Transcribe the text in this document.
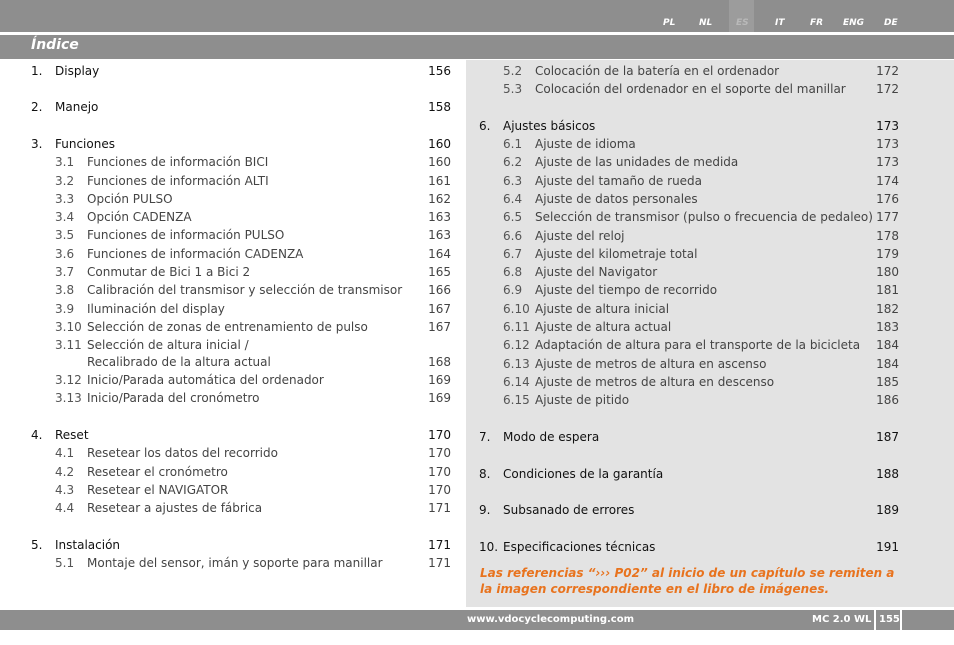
PL	NL	ES	IT	FR ENG DE
Índice
1. Display	156
2. Manejo	158
3. Funciones	160
3.1 Funciones de información BICI	160
3.2 Funciones de información ALTI	161
3.3 Opción PULSO	162
3.4 Opción CADENZA	163
3.5 Funciones de información PULSO	163
3.6 Funciones de información CADENZA	164
3.7 Conmutar de Bici 1 a Bici 2	165
3.8 Calibración del transmisor y selección de transmisor 166
3.9 Iluminación del display	167
3.10 Selección de zonas de entrenamiento de pulso	167
3.11 Selección de altura inicial /
Recalibrado de la altura actual	168
3.12 Inicio/Parada automática del ordenador	169
3.13 Inicio/Parada del cronómetro	169
4. Reset	170
4.1 Resetear los datos del recorrido	170
4.2 Resetear el cronómetro	170
4.3 Resetear el NAVIGATOR	170
4.4 Resetear a ajustes de fábrica	171
5. Instalación	171
5.1 Montaje del sensor, imán y soporte para manillar	171
5.2 Colocación de la batería en el ordenador	172
5.3 Colocación del ordenador en el soporte del manillar	172
6. Ajustes básicos	173
6.1 Ajuste de idioma	173
6.2 Ajuste de las unidades de medida	173
6.3 Ajuste del tamaño de rueda	174
6.4 Ajuste de datos personales	176
6.5 Selección de transmisor (pulso o frecuencia de pedaleo) 177
6.6 Ajuste del reloj	178
6.7 Ajuste del kilometraje total	179
6.8 Ajuste del Navigator	180
6.9 Ajuste del tiempo de recorrido	181
6.10 Ajuste de altura inicial	182
6.11 Ajuste de altura actual	183
6.12 Adaptación de altura para el transporte de la bicicleta 184
6.13 Ajuste de metros de altura en ascenso	184
6.14 Ajuste de metros de altura en descenso	185
6.15 Ajuste de pitido	186
7. Modo de espera	187
8. Condiciones de la garantía	188
9. Subsanado de errores	189
10. Especificaciones técnicas	191
Las referencias “››› P02” al inicio de un capítulo se remiten a la imagen correspondiente en el libro de imágenes.
www.vdocyclecomputing.com	MC 2.0 WL 155
